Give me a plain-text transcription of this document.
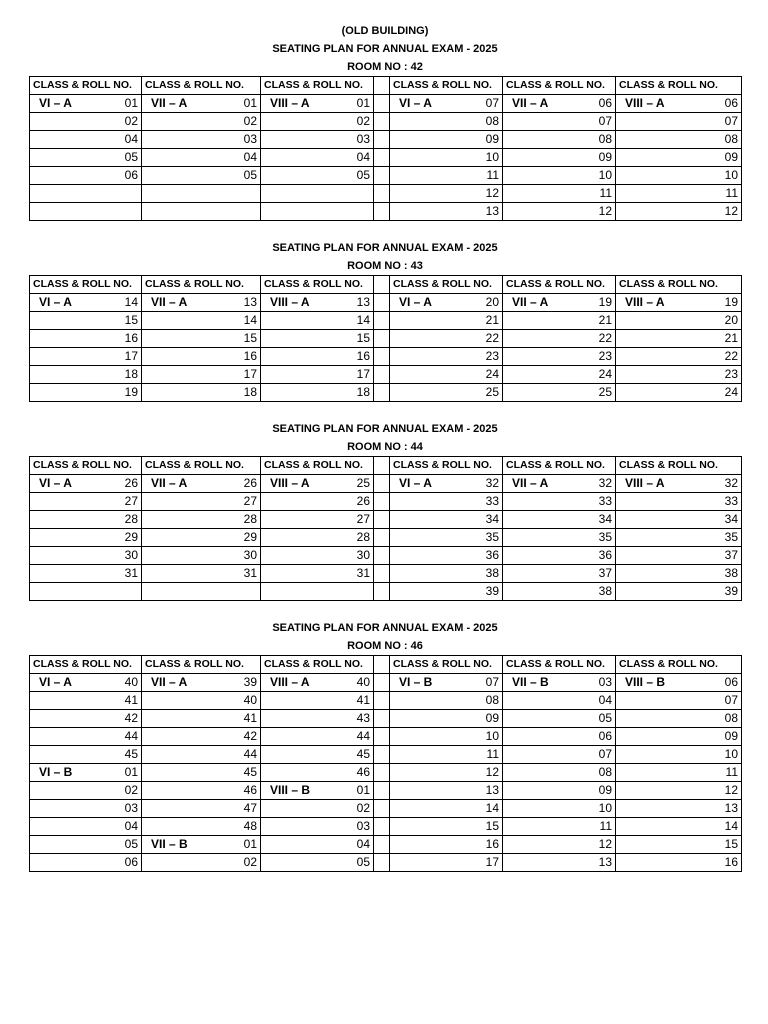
(OLD BUILDING)
SEATING PLAN FOR ANNUAL EXAM - 2025
ROOM NO : 42
CLASS & ROLL NO.	CLASS & ROLL NO.	CLASS & ROLL NO.		CLASS & ROLL NO.	CLASS & ROLL NO.	CLASS & ROLL NO.

VI – A 01	VII – A 01	VIII – A 01		VI – A 07	VII – A 06	VIII – A 06

02	02	02		08	07	07

04	03	03		09	08	08

05	04	04		10	09	09

06	05	05		11	10	10

				12	11	11

				13	12	12
SEATING PLAN FOR ANNUAL EXAM - 2025
ROOM NO : 43
CLASS & ROLL NO.	CLASS & ROLL NO.	CLASS & ROLL NO.		CLASS & ROLL NO.	CLASS & ROLL NO.	CLASS & ROLL NO.

VI – A 14	VII – A 13	VIII – A 13		VI – A 20	VII – A 19	VIII – A 19

15	14	14		21	21	20

16	15	15		22	22	21

17	16	16		23	23	22

18	17	17		24	24	23

19	18	18		25	25	24
SEATING PLAN FOR ANNUAL EXAM - 2025
ROOM NO : 44
CLASS & ROLL NO.	CLASS & ROLL NO.	CLASS & ROLL NO.		CLASS & ROLL NO.	CLASS & ROLL NO.	CLASS & ROLL NO.

VI – A 26	VII – A 26	VIII – A 25		VI – A 32	VII – A 32	VIII – A 32

27	27	26		33	33	33

28	28	27		34	34	34

29	29	28		35	35	35

30	30	30		36	36	37

31	31	31		38	37	38

				39	38	39
SEATING PLAN FOR ANNUAL EXAM - 2025
ROOM NO : 46
CLASS & ROLL NO.	CLASS & ROLL NO.	CLASS & ROLL NO.		CLASS & ROLL NO.	CLASS & ROLL NO.	CLASS & ROLL NO.

VI – A 40	VII – A 39	VIII – A 40		VI – B 07	VII – B 03	VIII – B 06

41	40	41		08	04	07

42	41	43		09	05	08

44	42	44		10	06	09

45	44	45		11	07	10

VI – B 01	45	46		12	08	11

02	46	VIII – B 01		13	09	12

03	47	02		14	10	13

04	48	03		15	11	14

05	VII – B 01	04		16	12	15

06	02	05		17	13	16
